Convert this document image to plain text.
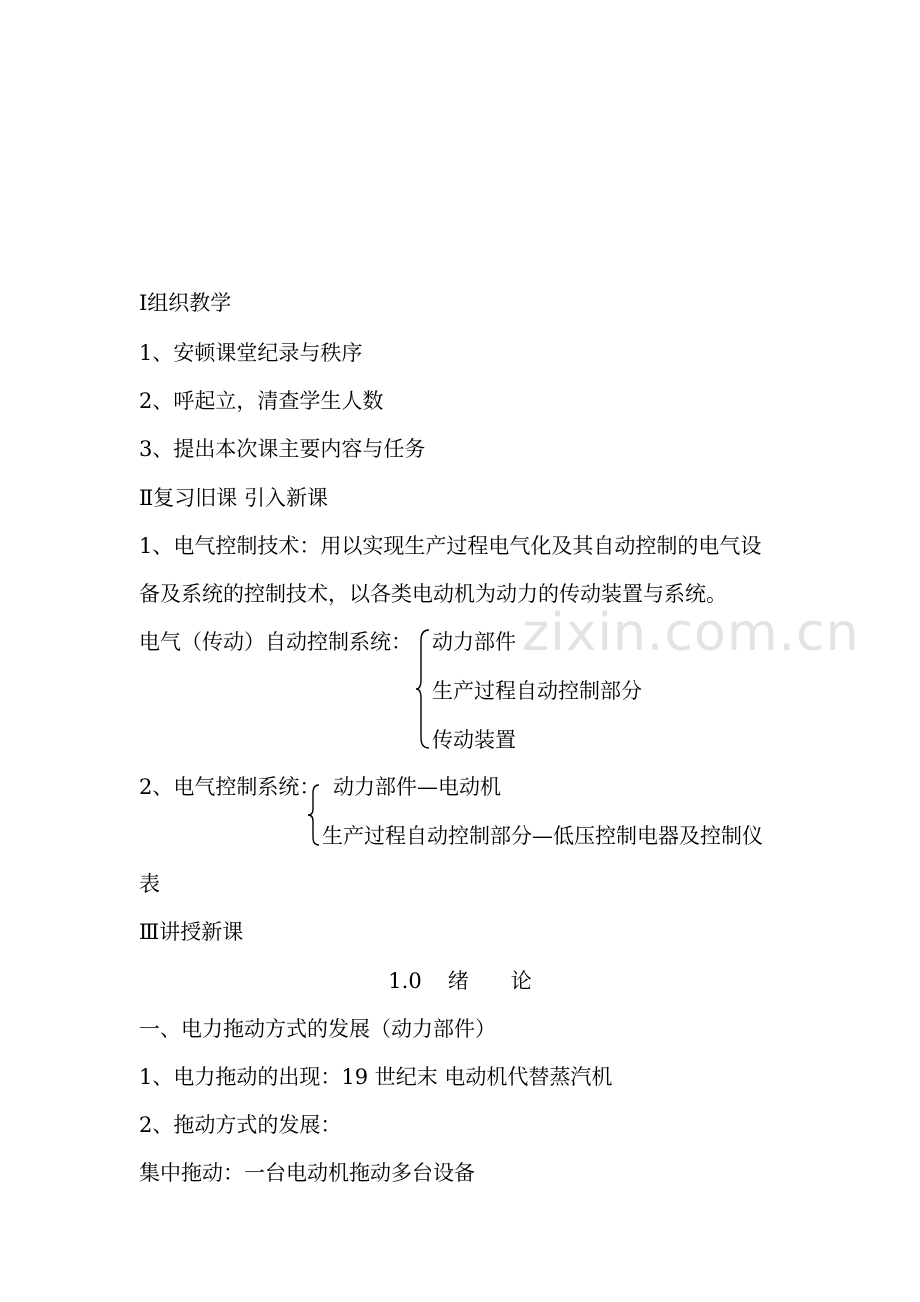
zixin.com.cn
Ⅰ组织教学
1、安顿课堂纪录与秩序
2、呼起立，清查学生人数
3、提出本次课主要内容与任务
Ⅱ复习旧课 引入新课
1、电气控制技术：用以实现生产过程电气化及其自动控制的电气设
备及系统的控制技术，以各类电动机为动力的传动装置与系统。
电气（传动）自动控制系统： 动力部件
生产过程自动控制部分
传动装置
2、电气控制系统： 动力部件—电动机
生产过程自动控制部分—低压控制电器及控制仪
表
Ⅲ讲授新课
1.0 绪 论
一、电力拖动方式的发展（动力部件）
1、电力拖动的出现：19 世纪末 电动机代替蒸汽机
2、拖动方式的发展：
集中拖动：一台电动机拖动多台设备
